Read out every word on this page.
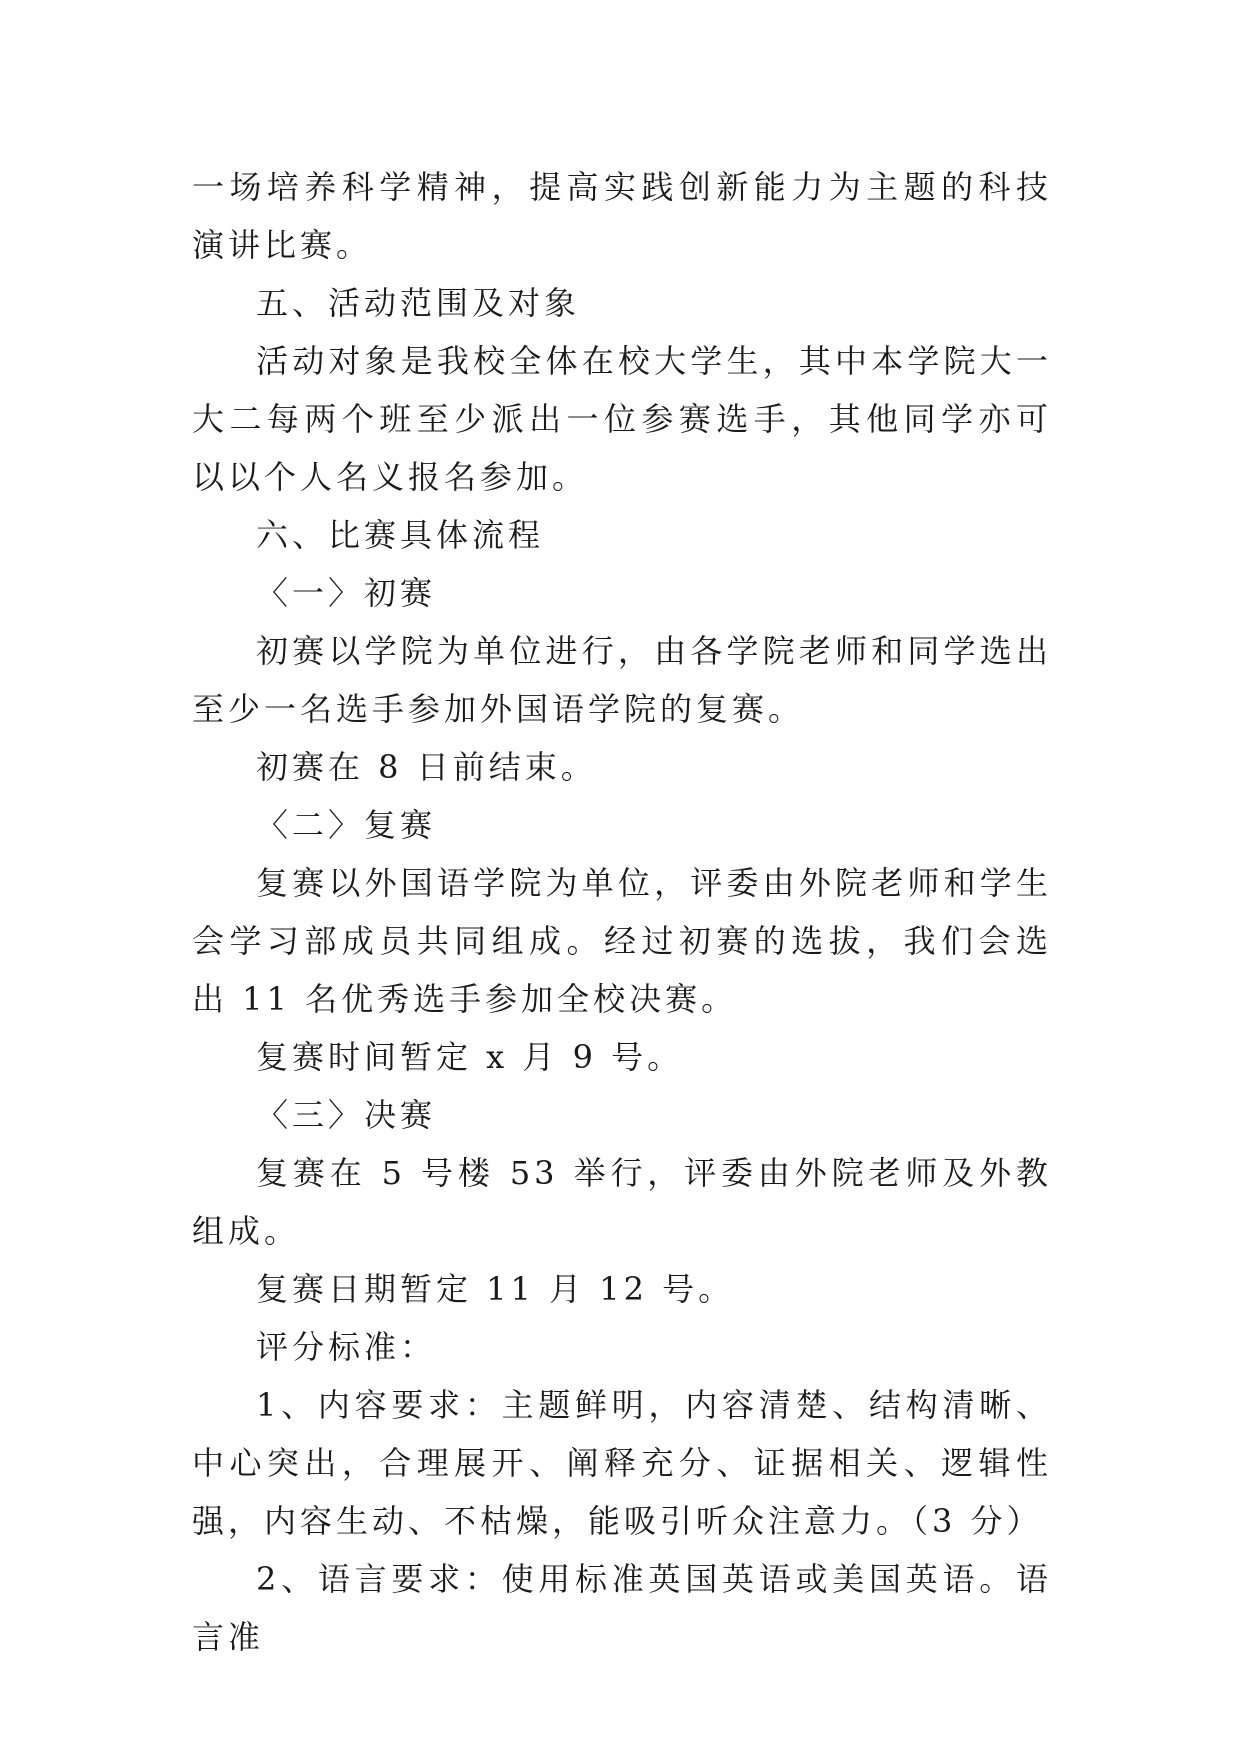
一场培养科学精神，提高实践创新能力为主题的科技演讲比赛。

五、活动范围及对象

活动对象是我校全体在校大学生，其中本学院大一大二每两个班至少派出一位参赛选手，其他同学亦可以以个人名义报名参加。

六、比赛具体流程

〈一〉初赛

初赛以学院为单位进行，由各学院老师和同学选出至少一名选手参加外国语学院的复赛。

初赛在 8 日前结束。

〈二〉复赛

复赛以外国语学院为单位，评委由外院老师和学生会学习部成员共同组成。经过初赛的选拔，我们会选出 11 名优秀选手参加全校决赛。

复赛时间暂定 x 月 9 号。

〈三〉决赛

复赛在 5 号楼 53 举行，评委由外院老师及外教组成。

复赛日期暂定 11 月 12 号。

评分标准：

1、内容要求：主题鲜明，内容清楚、结构清晰、中心突出，合理展开、阐释充分、证据相关、逻辑性强，内容生动、不枯燥，能吸引听众注意力。（3 分）

2、语言要求：使用标准英国英语或美国英语。语言准
